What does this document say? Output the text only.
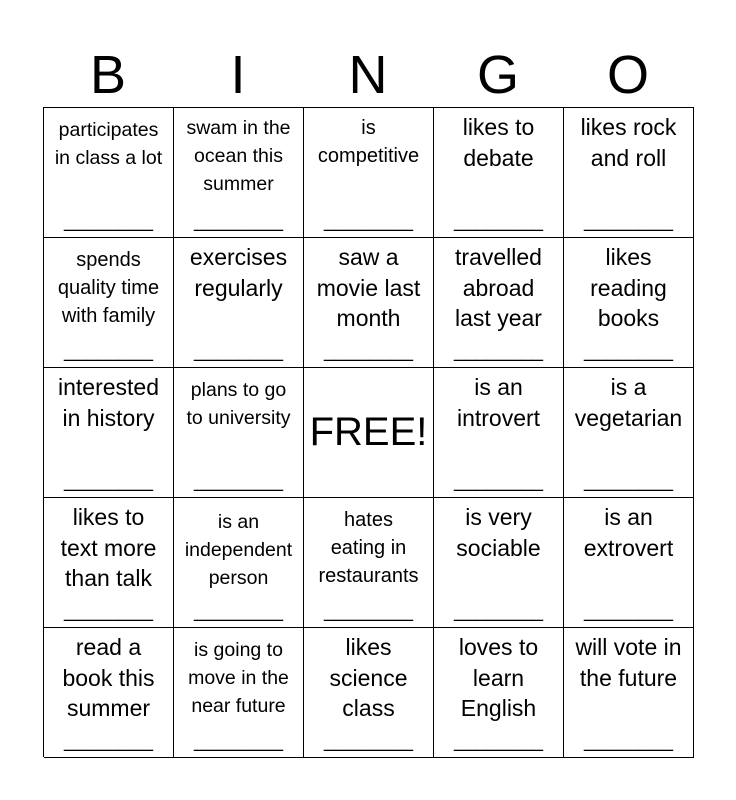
B	I	N	G	O
participates
in class a lot
________
swam in the
ocean this
summer
________
is
competitive
________
likes to
debate
________
likes rock
and roll
________
spends
quality time
with family
________
exercises
regularly
________
saw a
movie last
month
________
travelled
abroad
last year
________
likes
reading
books
________
interested
in history
________
plans to go
to university
________
FREE!
is an
introvert
________
is a
vegetarian
________
likes to
text more
than talk
________
is an
independent
person
________
hates
eating in
restaurants
________
is very
sociable
________
is an
extrovert
________
read a
book this
summer
________
is going to
move in the
near future
________
likes
science
class
________
loves to
learn
English
________
will vote in
the future
________
